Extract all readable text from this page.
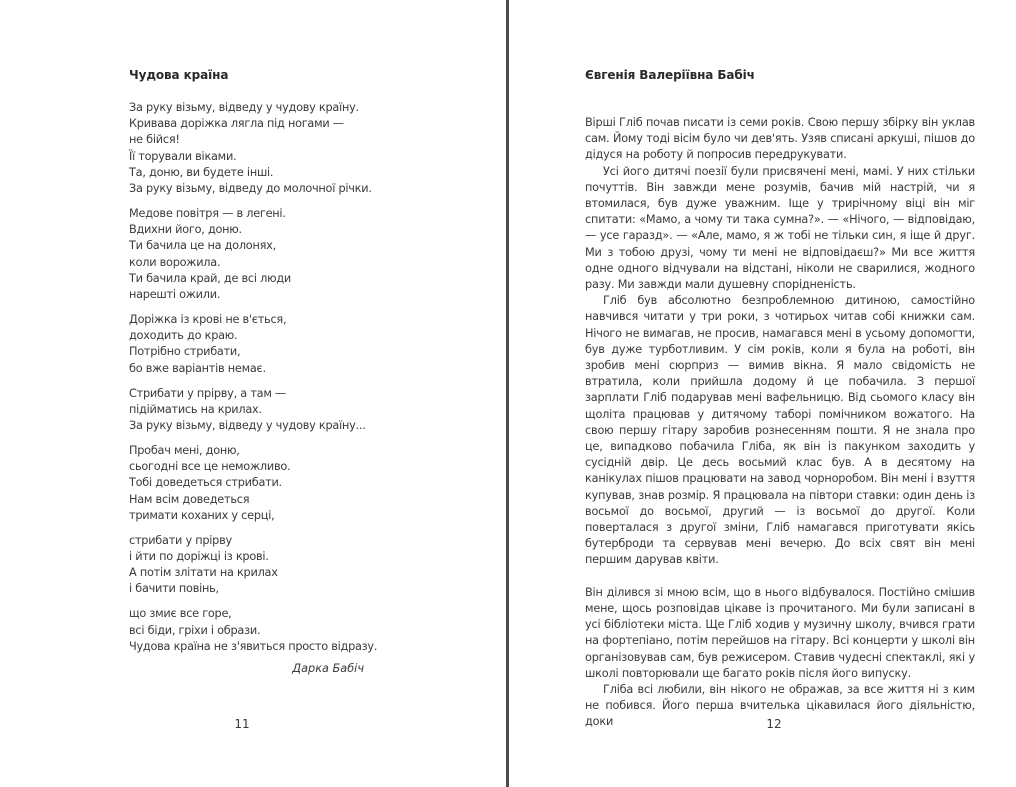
Чудова країна
За руку візьму, відведу у чудову країну.
Кривава доріжка лягла під ногами —
не бійся!
Її торували віками.
Та, доню, ви будете інші.
За руку візьму, відведу до молочної річки.
Медове повітря — в легені.
Вдихни його, доню.
Ти бачила це на долонях,
коли ворожила.
Ти бачила край, де всі люди
нарешті ожили.
Доріжка із крові не в'ється,
доходить до краю.
Потрібно стрибати,
бо вже варіантів немає.
Стрибати у прірву, а там —
підійматись на крилах.
За руку візьму, відведу у чудову країну...
Пробач мені, доню,
сьогодні все це неможливо.
Тобі доведеться стрибати.
Нам всім доведеться
тримати коханих у серці,
стрибати у прірву
і йти по доріжці із крові.
А потім злітати на крилах
і бачити повінь,
що змиє все горе,
всі біди, гріхи і образи.
Чудова країна не з'явиться просто відразу.
Дарка Бабіч
11
Євгенія Валеріївна Бабіч

Вірші Гліб почав писати із семи років. Свою першу збірку він уклав сам. Йому тоді вісім було чи дев'ять. Узяв списані аркуші, пішов до дідуся на роботу й попросив передрукувати.

Усі його дитячі поезії були присвячені мені, мамі. У них стільки почуттів. Він завжди мене розумів, бачив мій настрій, чи я втомилася, був дуже уважним. Іще у трирічному віці він міг спитати: «Мамо, а чому ти така сумна?». — «Нічого, — відповідаю, — усе гаразд». — «Але, мамо, я ж тобі не тільки син, я іще й друг. Ми з тобою друзі, чому ти мені не відповідаєш?» Ми все життя одне одного відчували на відстані, ніколи не сварилися, жодного разу. Ми завжди мали душевну спорідненість.

Гліб був абсолютно безпроблемною дитиною, самостійно навчився читати у три роки, з чотирьох читав собі книжки сам. Нічого не вимагав, не просив, намагався мені в усьому допомогти, був дуже турботливим. У сім років, коли я була на роботі, він зробив мені сюрприз — вимив вікна. Я мало свідомість не втратила, коли прийшла додому й це побачила. З першої зарплати Гліб подарував мені вафельницю. Від сьомого класу він щоліта працював у дитячому таборі помічником вожатого. На свою першу гітару заробив рознесенням пошти. Я не знала про це, випадково побачила Гліба, як він із пакунком заходить у сусідній двір. Це десь восьмий клас був. А в десятому на канікулах пішов працювати на завод чорноробом. Він мені і взуття купував, знав розмір. Я працювала на півтори ставки: один день із восьмої до восьмої, другий — із восьмої до другої. Коли поверталася з другої зміни, Гліб намагався приготувати якісь бутерброди та сервував мені вечерю. До всіх свят він мені першим дарував квіти.

Він ділився зі мною всім, що в нього відбувалося. Постійно смішив мене, щось розповідав цікаве із прочитаного. Ми були записані в усі бібліотеки міста. Ще Гліб ходив у музичну школу, вчився грати на фортепіано, потім перейшов на гітару. Всі концерти у школі він організовував сам, був режисером. Ставив чудесні спектаклі, які у школі повторювали ще багато років після його випуску.

Гліба всі любили, він нікого не ображав, за все життя ні з ким не побився. Його перша вчителька цікавилася його діяльністю, доки	12
